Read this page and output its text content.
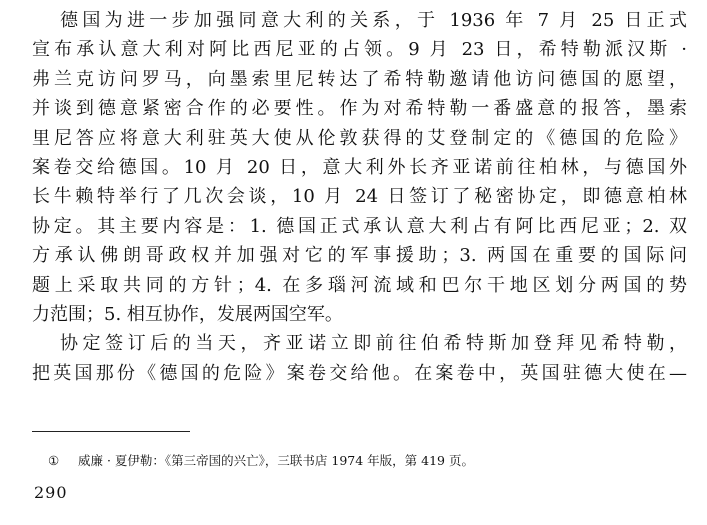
德国为进一步加强同意大利的关系，于 1936 年 7 月 25 日正式
宣布承认意大利对阿比西尼亚的占领。9 月 23 日，希特勒派汉斯 ·
弗兰克访问罗马，向墨索里尼转达了希特勒邀请他访问德国的愿望，
并谈到德意紧密合作的必要性。作为对希特勒一番盛意的报答，墨索
里尼答应将意大利驻英大使从伦敦获得的艾登制定的《德国的危险》
案卷交给德国。10 月 20 日，意大利外长齐亚诺前往柏林，与德国外
长牛赖特举行了几次会谈，10 月 24 日签订了秘密协定，即德意柏林
协定。其主要内容是：1. 德国正式承认意大利占有阿比西尼亚；2. 双
方承认佛朗哥政权并加强对它的军事援助；3. 两国在重要的国际问
题上采取共同的方针；4. 在多瑙河流域和巴尔干地区划分两国的势
力范围；5. 相互协作，发展两国空军。
协定签订后的当天，齐亚诺立即前往伯希特斯加登拜见希特勒，
把英国那份《德国的危险》案卷交给他。在案卷中，英国驻德大使在—
① 威廉 · 夏伊勒：《第三帝国的兴亡》，三联书店 1974 年版，第 419 页。
290
